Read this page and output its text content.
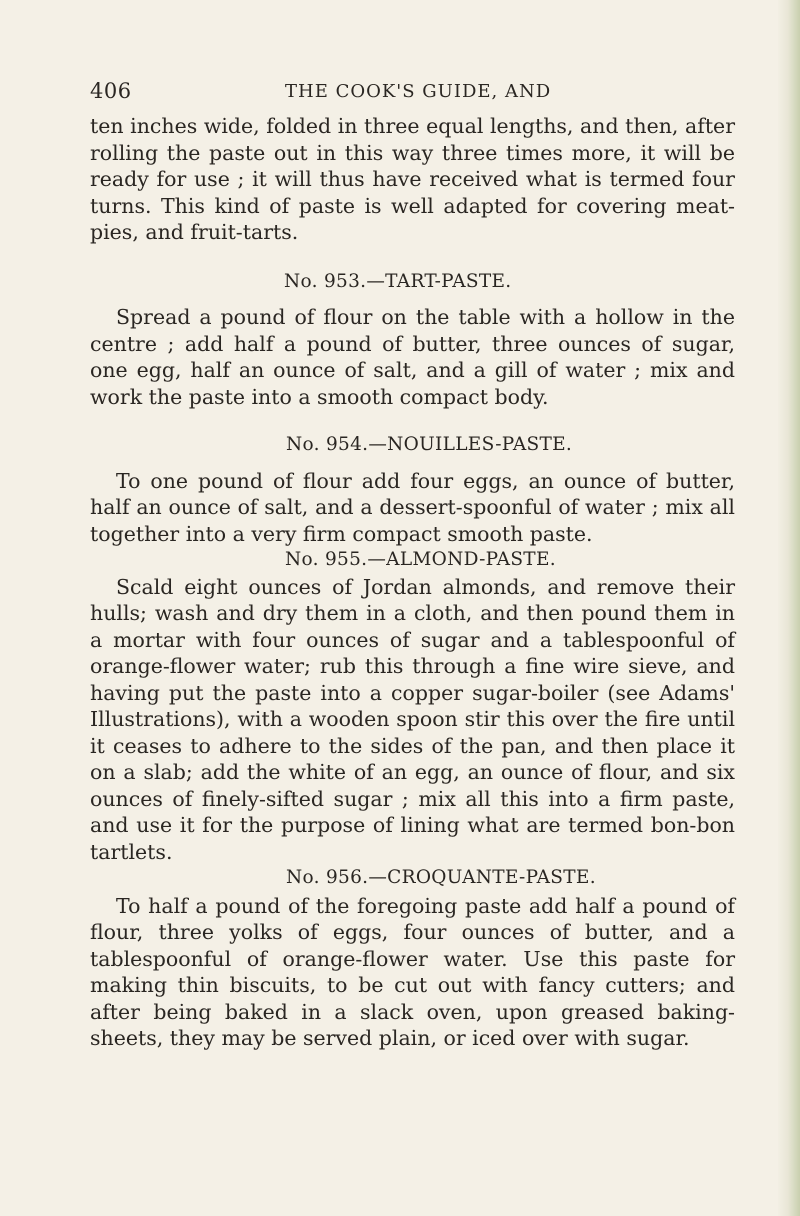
406	THE COOK'S GUIDE, AND

ten inches wide, folded in three equal lengths, and then, after rolling the paste out in this way three times more, it will be ready for use ; it will thus have received what is termed four turns. This kind of paste is well adapted for covering meat-pies, and fruit-tarts.

No. 953.—TART-PASTE.

Spread a pound of flour on the table with a hollow in the centre ; add half a pound of butter, three ounces of sugar, one egg, half an ounce of salt, and a gill of water ; mix and work the paste into a smooth compact body.

No. 954.—NOUILLES-PASTE.

To one pound of flour add four eggs, an ounce of butter, half an ounce of salt, and a dessert-spoonful of water ; mix all together into a very firm compact smooth paste.

No. 955.—ALMOND-PASTE.

Scald eight ounces of Jordan almonds, and remove their hulls; wash and dry them in a cloth, and then pound them in a mortar with four ounces of sugar and a tablespoonful of orange-flower water; rub this through a fine wire sieve, and having put the paste into a copper sugar-boiler (see Adams' Illustrations), with a wooden spoon stir this over the fire until it ceases to adhere to the sides of the pan, and then place it on a slab; add the white of an egg, an ounce of flour, and six ounces of finely-sifted sugar ; mix all this into a firm paste, and use it for the purpose of lining what are termed bon-bon tartlets.

No. 956.—CROQUANTE-PASTE.

To half a pound of the foregoing paste add half a pound of flour, three yolks of eggs, four ounces of butter, and a tablespoonful of orange-flower water. Use this paste for making thin biscuits, to be cut out with fancy cutters; and after being baked in a slack oven, upon greased baking-sheets, they may be served plain, or iced over with sugar.
